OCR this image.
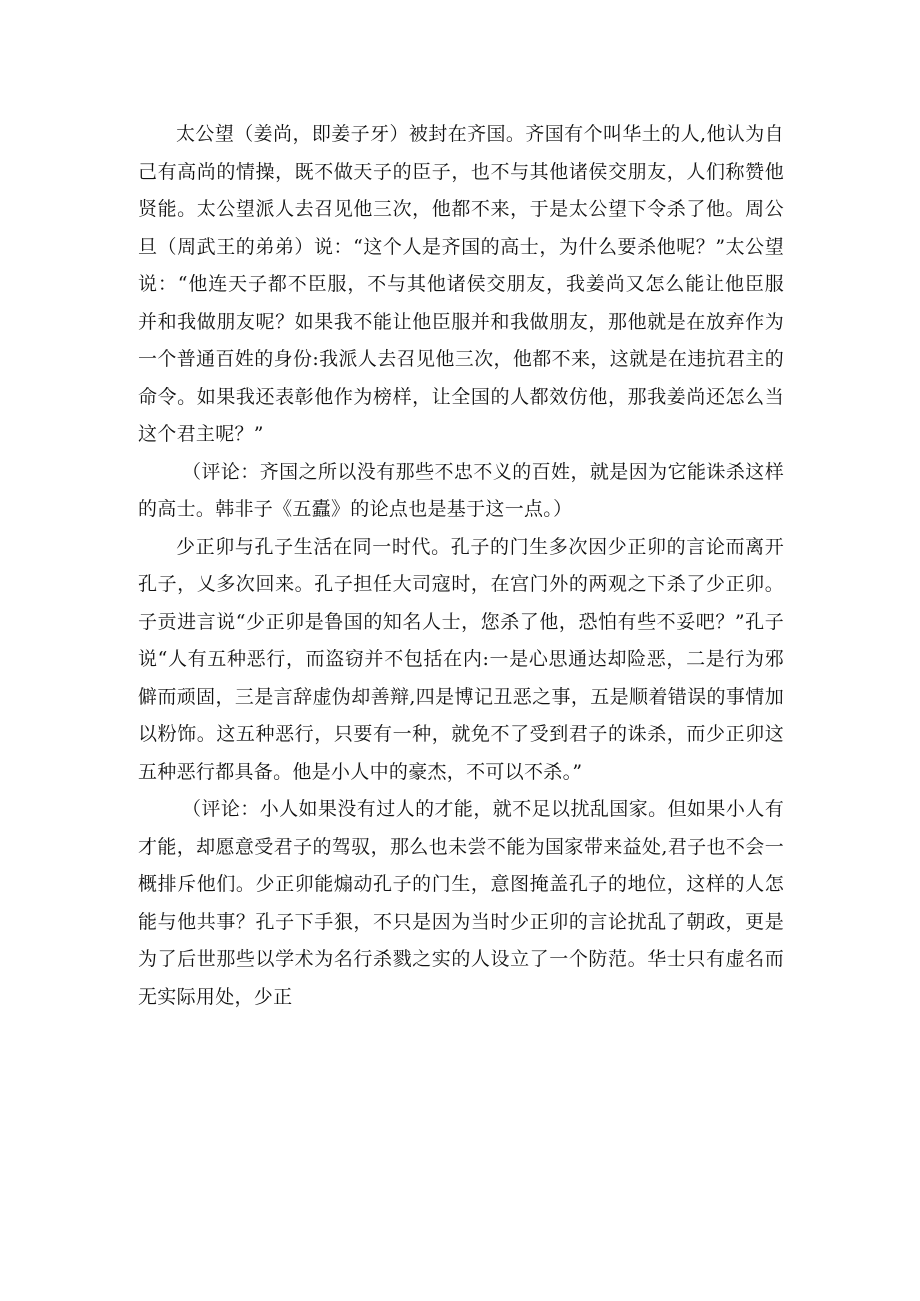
太公望（姜尚，即姜子牙）被封在齐国。齐国有个叫华土的人,他认为自己有高尚的情操，既不做天子的臣子，也不与其他诸侯交朋友，人们称赞他贤能。太公望派人去召见他三次，他都不来，于是太公望下令杀了他。周公旦（周武王的弟弟）说：“这个人是齐国的高士，为什么要杀他呢？”太公望说：“他连天子都不臣服，不与其他诸侯交朋友，我姜尚又怎么能让他臣服并和我做朋友呢？如果我不能让他臣服并和我做朋友，那他就是在放弃作为一个普通百姓的身份:我派人去召见他三次，他都不来，这就是在违抗君主的命令。如果我还表彰他作为榜样，让全国的人都效仿他，那我姜尚还怎么当这个君主呢？”

（评论：齐国之所以没有那些不忠不义的百姓，就是因为它能诛杀这样的高士。韩非子《五蠹》的论点也是基于这一点。）

少正卯与孔子生活在同一时代。孔子的门生多次因少正卯的言论而离开孔子，乂多次回来。孔子担任大司寇时，在宫门外的两观之下杀了少正卯。子贡进言说“少正卯是鲁国的知名人士，您杀了他，恐怕有些不妥吧？”孔子说“人有五种恶行，而盗窃并不包括在内:一是心思通达却险恶，二是行为邪僻而顽固，三是言辞虚伪却善辩,四是博记丑恶之事，五是顺着错误的事情加以粉饰。这五种恶行，只要有一种，就免不了受到君子的诛杀，而少正卯这五种恶行都具备。他是小人中的豪杰，不可以不杀。”

（评论：小人如果没有过人的才能，就不足以扰乱国家。但如果小人有才能，却愿意受君子的驾驭，那么也未尝不能为国家带来益处,君子也不会一概排斥他们。少正卯能煽动孔子的门生，意图掩盖孔子的地位，这样的人怎能与他共事？孔子下手狠，不只是因为当时少正卯的言论扰乱了朝政，更是为了后世那些以学术为名行杀戮之实的人设立了一个防范。华士只有虚名而无实际用处，少正
